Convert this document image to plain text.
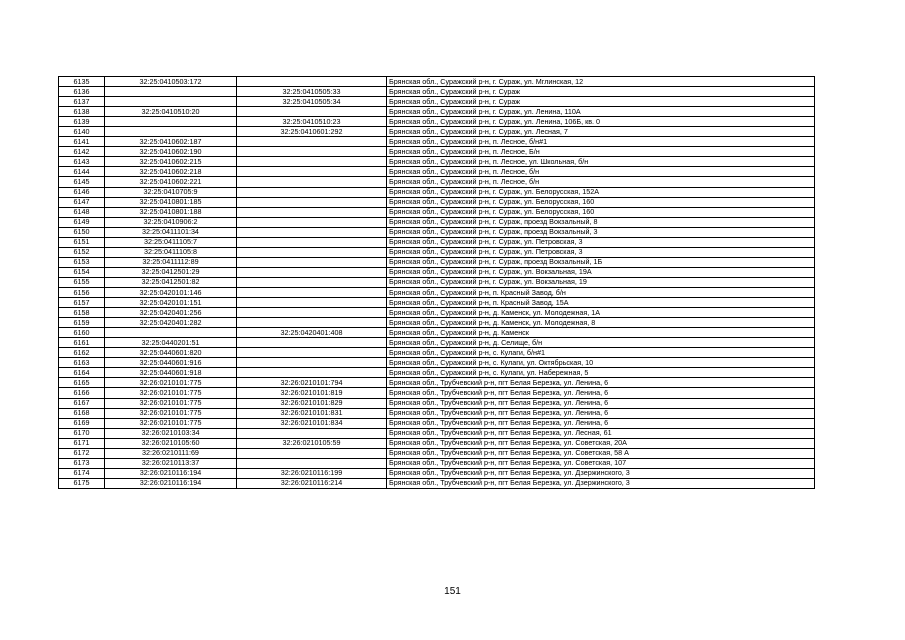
6135	32:25:0410503:172		Брянская обл., Суражский р-н, г. Сураж, ул. Мглинская, 12
6136		32:25:0410505:33	Брянская обл., Суражский р-н, г. Сураж
6137		32:25:0410505:34	Брянская обл., Суражский р-н, г. Сураж
6138	32:25:0410510:20		Брянская обл., Суражский р-н, г. Сураж, ул. Ленина, 110А
6139		32:25:0410510:23	Брянская обл., Суражский р-н, г. Сураж, ул. Ленина, 106Б, кв. 0
6140		32:25:0410601:292	Брянская обл., Суражский р-н, г. Сураж, ул. Лесная, 7
6141	32:25:0410602:187		Брянская обл., Суражский р-н, п. Лесное, б/н#1
6142	32:25:0410602:190		Брянская обл., Суражский р-н, п. Лесное, Б/н
6143	32:25:0410602:215		Брянская обл., Суражский р-н, п. Лесное, ул. Школьная, б/н
6144	32:25:0410602:218		Брянская обл., Суражский р-н, п. Лесное, б/н
6145	32:25:0410602:221		Брянская обл., Суражский р-н, п. Лесное, б/н
6146	32:25:0410705:9		Брянская обл., Суражский р-н, г. Сураж, ул. Белорусская, 152А
6147	32:25:0410801:185		Брянская обл., Суражский р-н, г. Сураж, ул. Белорусская, 160
6148	32:25:0410801:188		Брянская обл., Суражский р-н, г. Сураж, ул. Белорусская, 160
6149	32:25:0410906:2		Брянская обл., Суражский р-н, г. Сураж, проезд Вокзальный, 8
6150	32:25:0411101:34		Брянская обл., Суражский р-н, г. Сураж, проезд Вокзальный, 3
6151	32:25:0411105:7		Брянская обл., Суражский р-н, г. Сураж, ул. Петровская, 3
6152	32:25:0411105:8		Брянская обл., Суражский р-н, г. Сураж, ул. Петровская, 3
6153	32:25:0411112:89		Брянская обл., Суражский р-н, г. Сураж, проезд Вокзальный, 1Б
6154	32:25:0412501:29		Брянская обл., Суражский р-н, г. Сураж, ул. Вокзальная, 19А
6155	32:25:0412501:82		Брянская обл., Суражский р-н, г. Сураж, ул. Вокзальная, 19
6156	32:25:0420101:146		Брянская обл., Суражский р-н, п. Красный Завод, б/н
6157	32:25:0420101:151		Брянская обл., Суражский р-н, п. Красный Завод, 15А
6158	32:25:0420401:256		Брянская обл., Суражский р-н, д. Каменск, ул. Молодежная, 1А
6159	32:25:0420401:282		Брянская обл., Суражский р-н, д. Каменск, ул. Молодежная, 8
6160		32:25:0420401:408	Брянская обл., Суражский р-н, д. Каменск
6161	32:25:0440201:51		Брянская обл., Суражский р-н, д. Селище, б/н
6162	32:25:0440601:820		Брянская обл., Суражский р-н, с. Кулаги, б/н#1
6163	32:25:0440601:916		Брянская обл., Суражский р-н, с. Кулаги, ул. Октябрьская, 10
6164	32:25:0440601:918		Брянская обл., Суражский р-н, с. Кулаги, ул. Набережная, 5
6165	32:26:0210101:775	32:26:0210101:794	Брянская обл., Трубчевский р-н, пгт Белая Березка, ул. Ленина, 6
6166	32:26:0210101:775	32:26:0210101:819	Брянская обл., Трубчевский р-н, пгт Белая Березка, ул. Ленина, 6
6167	32:26:0210101:775	32:26:0210101:829	Брянская обл., Трубчевский р-н, пгт Белая Березка, ул. Ленина, 6
6168	32:26:0210101:775	32:26:0210101:831	Брянская обл., Трубчевский р-н, пгт Белая Березка, ул. Ленина, 6
6169	32:26:0210101:775	32:26:0210101:834	Брянская обл., Трубчевский р-н, пгт Белая Березка, ул. Ленина, 6
6170	32:26:0210103:34		Брянская обл., Трубчевский р-н, пгт Белая Березка, ул. Лесная, 61
6171	32:26:0210105:60	32:26:0210105:59	Брянская обл., Трубчевский р-н, пгт Белая Березка, ул. Советская, 20А
6172	32:26:0210111:69		Брянская обл., Трубчевский р-н, пгт Белая Березка, ул. Советская, 58 А
6173	32:26:0210113:37		Брянская обл., Трубчевский р-н, пгт Белая Березка, ул. Советская, 107
6174	32:26:0210116:194	32:26:0210116:199	Брянская обл., Трубчевский р-н, пгт Белая Березка, ул. Дзержинского, 3
6175	32:26:0210116:194	32:26:0210116:214	Брянская обл., Трубчевский р-н, пгт Белая Березка, ул. Дзержинского, 3
151
